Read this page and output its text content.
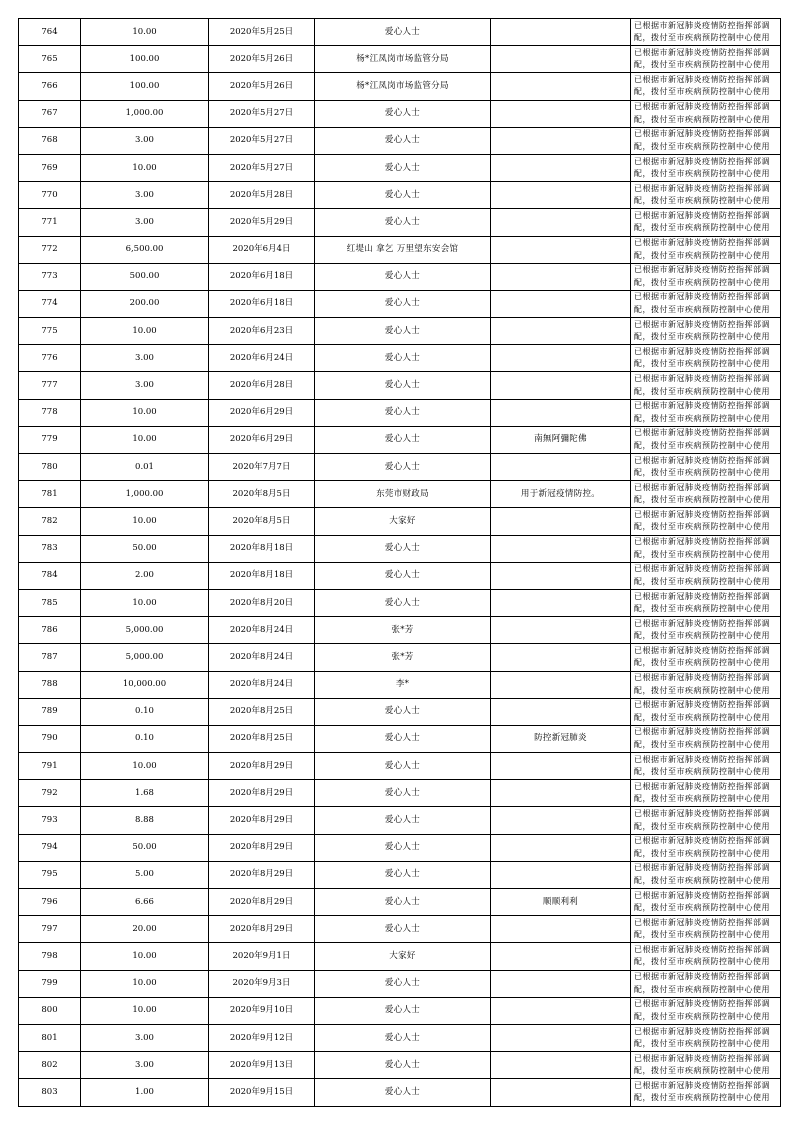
764	10.00	2020年5月25日	爱心人士		已根据市新冠肺炎疫情防控指挥部调配，拨付至市疾病预防控制中心使用
765	100.00	2020年5月26日	杨*江凤岗市场监管分局		已根据市新冠肺炎疫情防控指挥部调配，拨付至市疾病预防控制中心使用
766	100.00	2020年5月26日	杨*江凤岗市场监管分局		已根据市新冠肺炎疫情防控指挥部调配，拨付至市疾病预防控制中心使用
767	1,000.00	2020年5月27日	爱心人士		已根据市新冠肺炎疫情防控指挥部调配，拨付至市疾病预防控制中心使用
768	3.00	2020年5月27日	爱心人士		已根据市新冠肺炎疫情防控指挥部调配，拨付至市疾病预防控制中心使用
769	10.00	2020年5月27日	爱心人士		已根据市新冠肺炎疫情防控指挥部调配，拨付至市疾病预防控制中心使用
770	3.00	2020年5月28日	爱心人士		已根据市新冠肺炎疫情防控指挥部调配，拨付至市疾病预防控制中心使用
771	3.00	2020年5月29日	爱心人士		已根据市新冠肺炎疫情防控指挥部调配，拨付至市疾病预防控制中心使用
772	6,500.00	2020年6月4日	红堤山 拿乞 万里望东安会馆		已根据市新冠肺炎疫情防控指挥部调配，拨付至市疾病预防控制中心使用
773	500.00	2020年6月18日	爱心人士		已根据市新冠肺炎疫情防控指挥部调配，拨付至市疾病预防控制中心使用
774	200.00	2020年6月18日	爱心人士		已根据市新冠肺炎疫情防控指挥部调配，拨付至市疾病预防控制中心使用
775	10.00	2020年6月23日	爱心人士		已根据市新冠肺炎疫情防控指挥部调配，拨付至市疾病预防控制中心使用
776	3.00	2020年6月24日	爱心人士		已根据市新冠肺炎疫情防控指挥部调配，拨付至市疾病预防控制中心使用
777	3.00	2020年6月28日	爱心人士		已根据市新冠肺炎疫情防控指挥部调配，拨付至市疾病预防控制中心使用
778	10.00	2020年6月29日	爱心人士		已根据市新冠肺炎疫情防控指挥部调配，拨付至市疾病预防控制中心使用
779	10.00	2020年6月29日	爱心人士	南無阿彌陀佛	已根据市新冠肺炎疫情防控指挥部调配，拨付至市疾病预防控制中心使用
780	0.01	2020年7月7日	爱心人士		已根据市新冠肺炎疫情防控指挥部调配，拨付至市疾病预防控制中心使用
781	1,000.00	2020年8月5日	东莞市财政局	用于新冠疫情防控。	已根据市新冠肺炎疫情防控指挥部调配，拨付至市疾病预防控制中心使用
782	10.00	2020年8月5日	大家好		已根据市新冠肺炎疫情防控指挥部调配，拨付至市疾病预防控制中心使用
783	50.00	2020年8月18日	爱心人士		已根据市新冠肺炎疫情防控指挥部调配，拨付至市疾病预防控制中心使用
784	2.00	2020年8月18日	爱心人士		已根据市新冠肺炎疫情防控指挥部调配，拨付至市疾病预防控制中心使用
785	10.00	2020年8月20日	爱心人士		已根据市新冠肺炎疫情防控指挥部调配，拨付至市疾病预防控制中心使用
786	5,000.00	2020年8月24日	张*芳		已根据市新冠肺炎疫情防控指挥部调配，拨付至市疾病预防控制中心使用
787	5,000.00	2020年8月24日	张*芳		已根据市新冠肺炎疫情防控指挥部调配，拨付至市疾病预防控制中心使用
788	10,000.00	2020年8月24日	李*		已根据市新冠肺炎疫情防控指挥部调配，拨付至市疾病预防控制中心使用
789	0.10	2020年8月25日	爱心人士		已根据市新冠肺炎疫情防控指挥部调配，拨付至市疾病预防控制中心使用
790	0.10	2020年8月25日	爱心人士	防控新冠肺炎	已根据市新冠肺炎疫情防控指挥部调配，拨付至市疾病预防控制中心使用
791	10.00	2020年8月29日	爱心人士		已根据市新冠肺炎疫情防控指挥部调配，拨付至市疾病预防控制中心使用
792	1.68	2020年8月29日	爱心人士		已根据市新冠肺炎疫情防控指挥部调配，拨付至市疾病预防控制中心使用
793	8.88	2020年8月29日	爱心人士		已根据市新冠肺炎疫情防控指挥部调配，拨付至市疾病预防控制中心使用
794	50.00	2020年8月29日	爱心人士		已根据市新冠肺炎疫情防控指挥部调配，拨付至市疾病预防控制中心使用
795	5.00	2020年8月29日	爱心人士		已根据市新冠肺炎疫情防控指挥部调配，拨付至市疾病预防控制中心使用
796	6.66	2020年8月29日	爱心人士	顺顺利利	已根据市新冠肺炎疫情防控指挥部调配，拨付至市疾病预防控制中心使用
797	20.00	2020年8月29日	爱心人士		已根据市新冠肺炎疫情防控指挥部调配，拨付至市疾病预防控制中心使用
798	10.00	2020年9月1日	大家好		已根据市新冠肺炎疫情防控指挥部调配，拨付至市疾病预防控制中心使用
799	10.00	2020年9月3日	爱心人士		已根据市新冠肺炎疫情防控指挥部调配，拨付至市疾病预防控制中心使用
800	10.00	2020年9月10日	爱心人士		已根据市新冠肺炎疫情防控指挥部调配，拨付至市疾病预防控制中心使用
801	3.00	2020年9月12日	爱心人士		已根据市新冠肺炎疫情防控指挥部调配，拨付至市疾病预防控制中心使用
802	3.00	2020年9月13日	爱心人士		已根据市新冠肺炎疫情防控指挥部调配，拨付至市疾病预防控制中心使用
803	1.00	2020年9月15日	爱心人士		已根据市新冠肺炎疫情防控指挥部调配，拨付至市疾病预防控制中心使用
